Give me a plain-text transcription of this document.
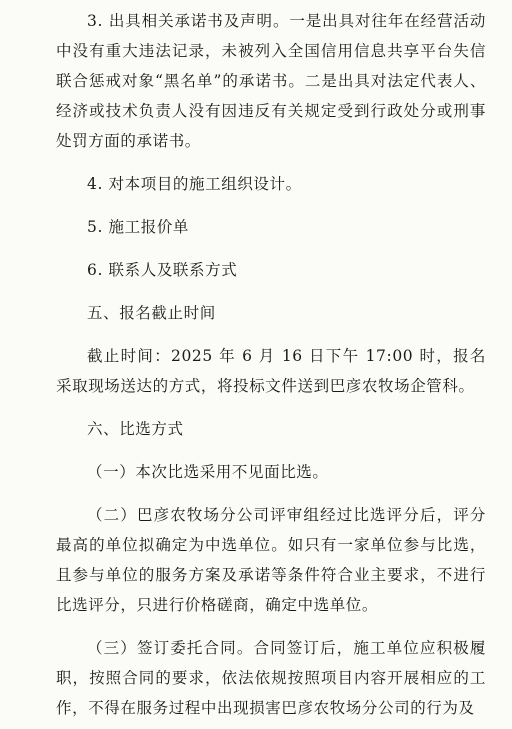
3. 出具相关承诺书及声明。一是出具对往年在经营活动中没有重大违法记录，未被列入全国信用信息共享平台失信联合惩戒对象“黑名单”的承诺书。二是出具对法定代表人、经济或技术负责人没有因违反有关规定受到行政处分或刑事处罚方面的承诺书。

4. 对本项目的施工组织设计。

5. 施工报价单

6. 联系人及联系方式

五、报名截止时间

截止时间：2025 年 6 月 16 日下午 17:00 时，报名采取现场送达的方式，将投标文件送到巴彦农牧场企管科。

六、比选方式

（一）本次比选采用不见面比选。

（二）巴彦农牧场分公司评审组经过比选评分后，评分最高的单位拟确定为中选单位。如只有一家单位参与比选，且参与单位的服务方案及承诺等条件符合业主要求，不进行比选评分，只进行价格磋商，确定中选单位。

（三）签订委托合同。合同签订后，施工单位应积极履职，按照合同的要求，依法依规按照项目内容开展相应的工作，不得在服务过程中出现损害巴彦农牧场分公司的行为及
